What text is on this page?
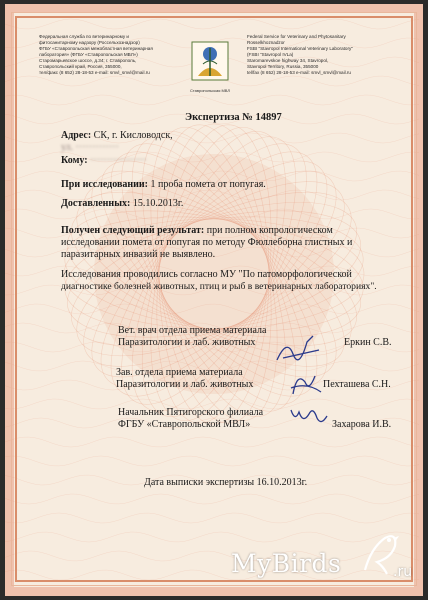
Федеральная служба по ветеринарному и
фитосанитарному надзору (Россельхознадзор)
ФГБУ «Ставропольская межобластная ветеринарная
лаборатория» (ФГБУ «Ставропольская МВЛ»)
Старомарьевское шоссе, д.34; г. Ставрополь,
Ставропольский край, Россия, 355000,
тел/факс (8 652) 28-18-53 e-mail: smvl_smvl@mail.ru
Ставропольская МВЛ
Federal Service for Veterinary and Phytosanitary
Rosselkhoznadzor
FSBI "Stavropol International Veterinary Laboratory"
(FSBI "Stavropol IVLa)
Staromarevskoe highway 34, Stavropol,
Stavropol Territory, Russia, 355000
tel/fax (8 652) 28-18-53 e-mail: smvl_smvl@mail.ru
Экспертиза № 14897
Адрес: СК, г. Кисловодск,
ул. ·············
Кому: ·················
При исследовании: 1 проба помета от попугая.
Доставленных: 15.10.2013г.
Получен следующий результат: при полном копрологическом
исследовании помета от попугая по методу Фюллеборна глистных и
паразитарных инвазий не выявлено.
Исследования проводились согласно МУ "По патоморфологической
диагностике болезней животных, птиц и рыб в ветеринарных лабораториях".
Вет. врач отдела приема материала
Паразитологии и лаб. животных	Еркин С.В.
Зав. отдела приема материала
Паразитологии и лаб. животных	Пехташева С.Н.
Начальник Пятигорского филиала
ФГБУ «Ставропольской МВЛ»	Захарова И.В.
Дата выписки экспертизы 16.10.2013г.
MyBirds	.ru
